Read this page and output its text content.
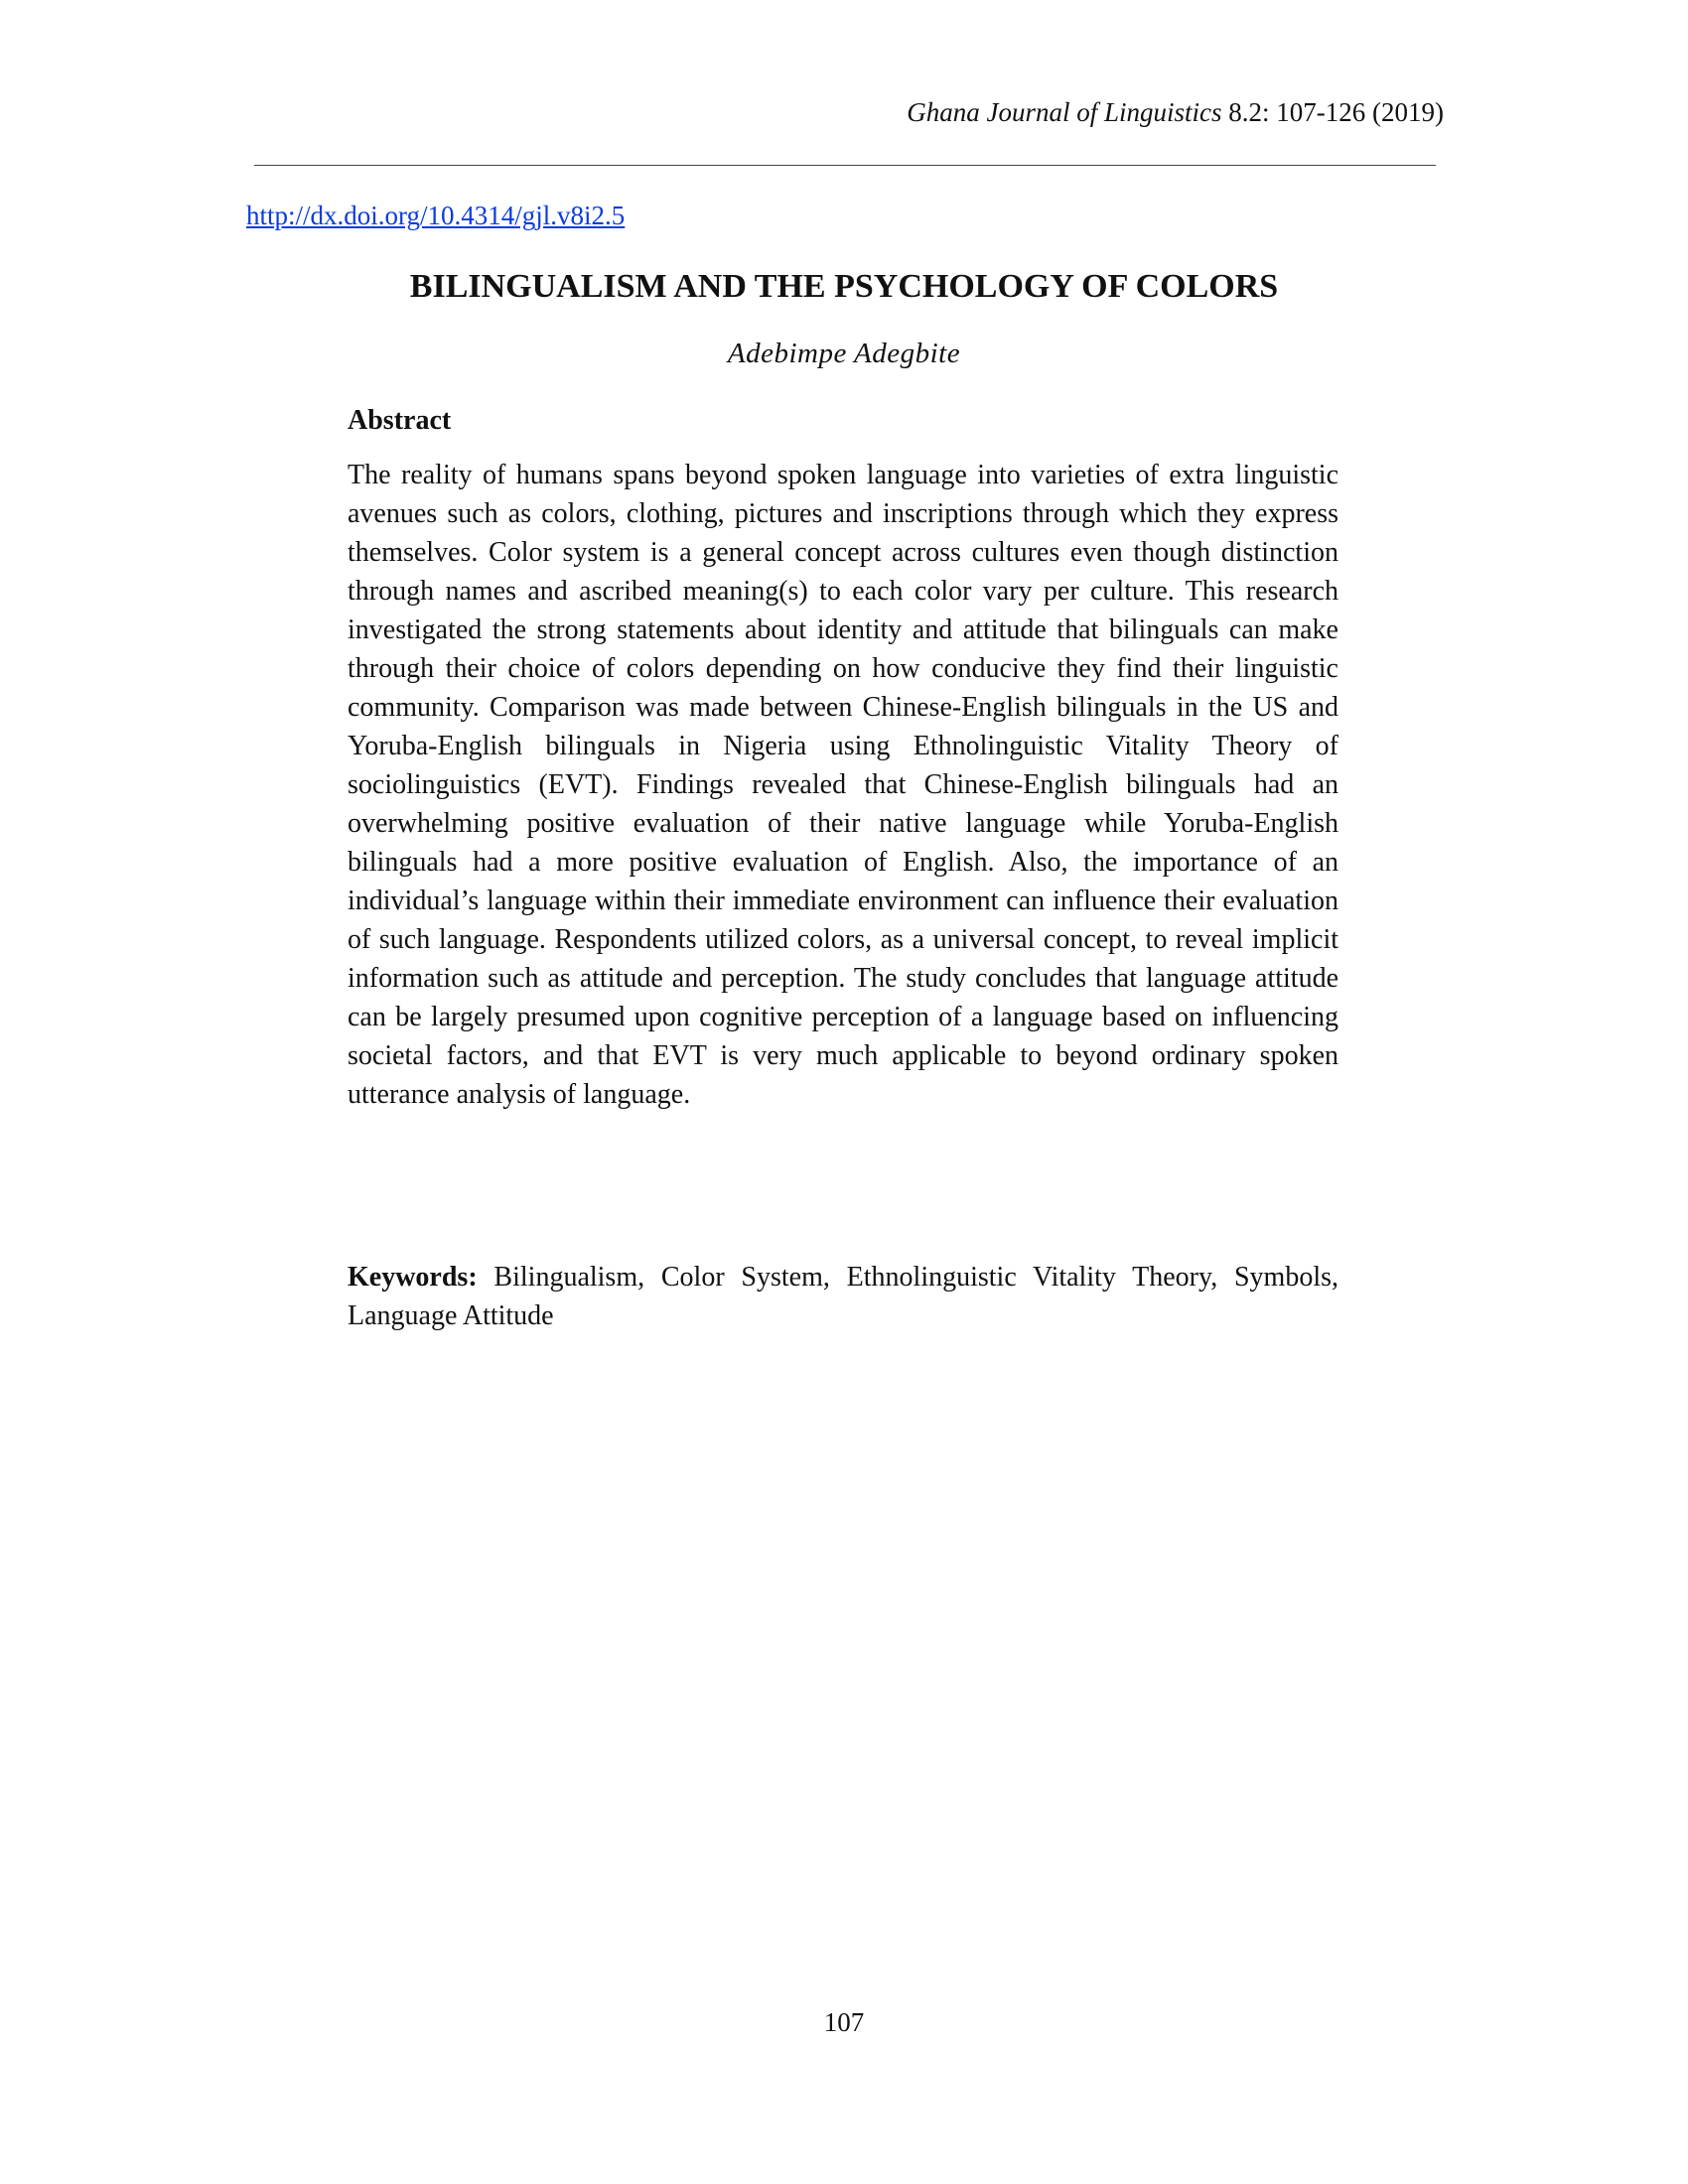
Ghana Journal of Linguistics 8.2: 107-126 (2019)
http://dx.doi.org/10.4314/gjl.v8i2.5
BILINGUALISM AND THE PSYCHOLOGY OF COLORS
Adebimpe Adegbite
Abstract

The reality of humans spans beyond spoken language into varieties of extra linguistic avenues such as colors, clothing, pictures and inscriptions through which they express themselves. Color system is a general concept across cultures even though distinction through names and ascribed meaning(s) to each color vary per culture. This research investigated the strong statements about identity and attitude that bilinguals can make through their choice of colors depending on how conducive they find their linguistic community. Comparison was made between Chinese-English bilinguals in the US and Yoruba-English bilinguals in Nigeria using Ethnolinguistic Vitality Theory of sociolinguistics (EVT). Findings revealed that Chinese-English bilinguals had an overwhelming positive evaluation of their native language while Yoruba-English bilinguals had a more positive evaluation of English. Also, the importance of an individual’s language within their immediate environment can influence their evaluation of such language. Respondents utilized colors, as a universal concept, to reveal implicit information such as attitude and perception. The study concludes that language attitude can be largely presumed upon cognitive perception of a language based on influencing societal factors, and that EVT is very much applicable to beyond ordinary spoken utterance analysis of language.

Keywords: Bilingualism, Color System, Ethnolinguistic Vitality Theory, Symbols, Language Attitude

107
